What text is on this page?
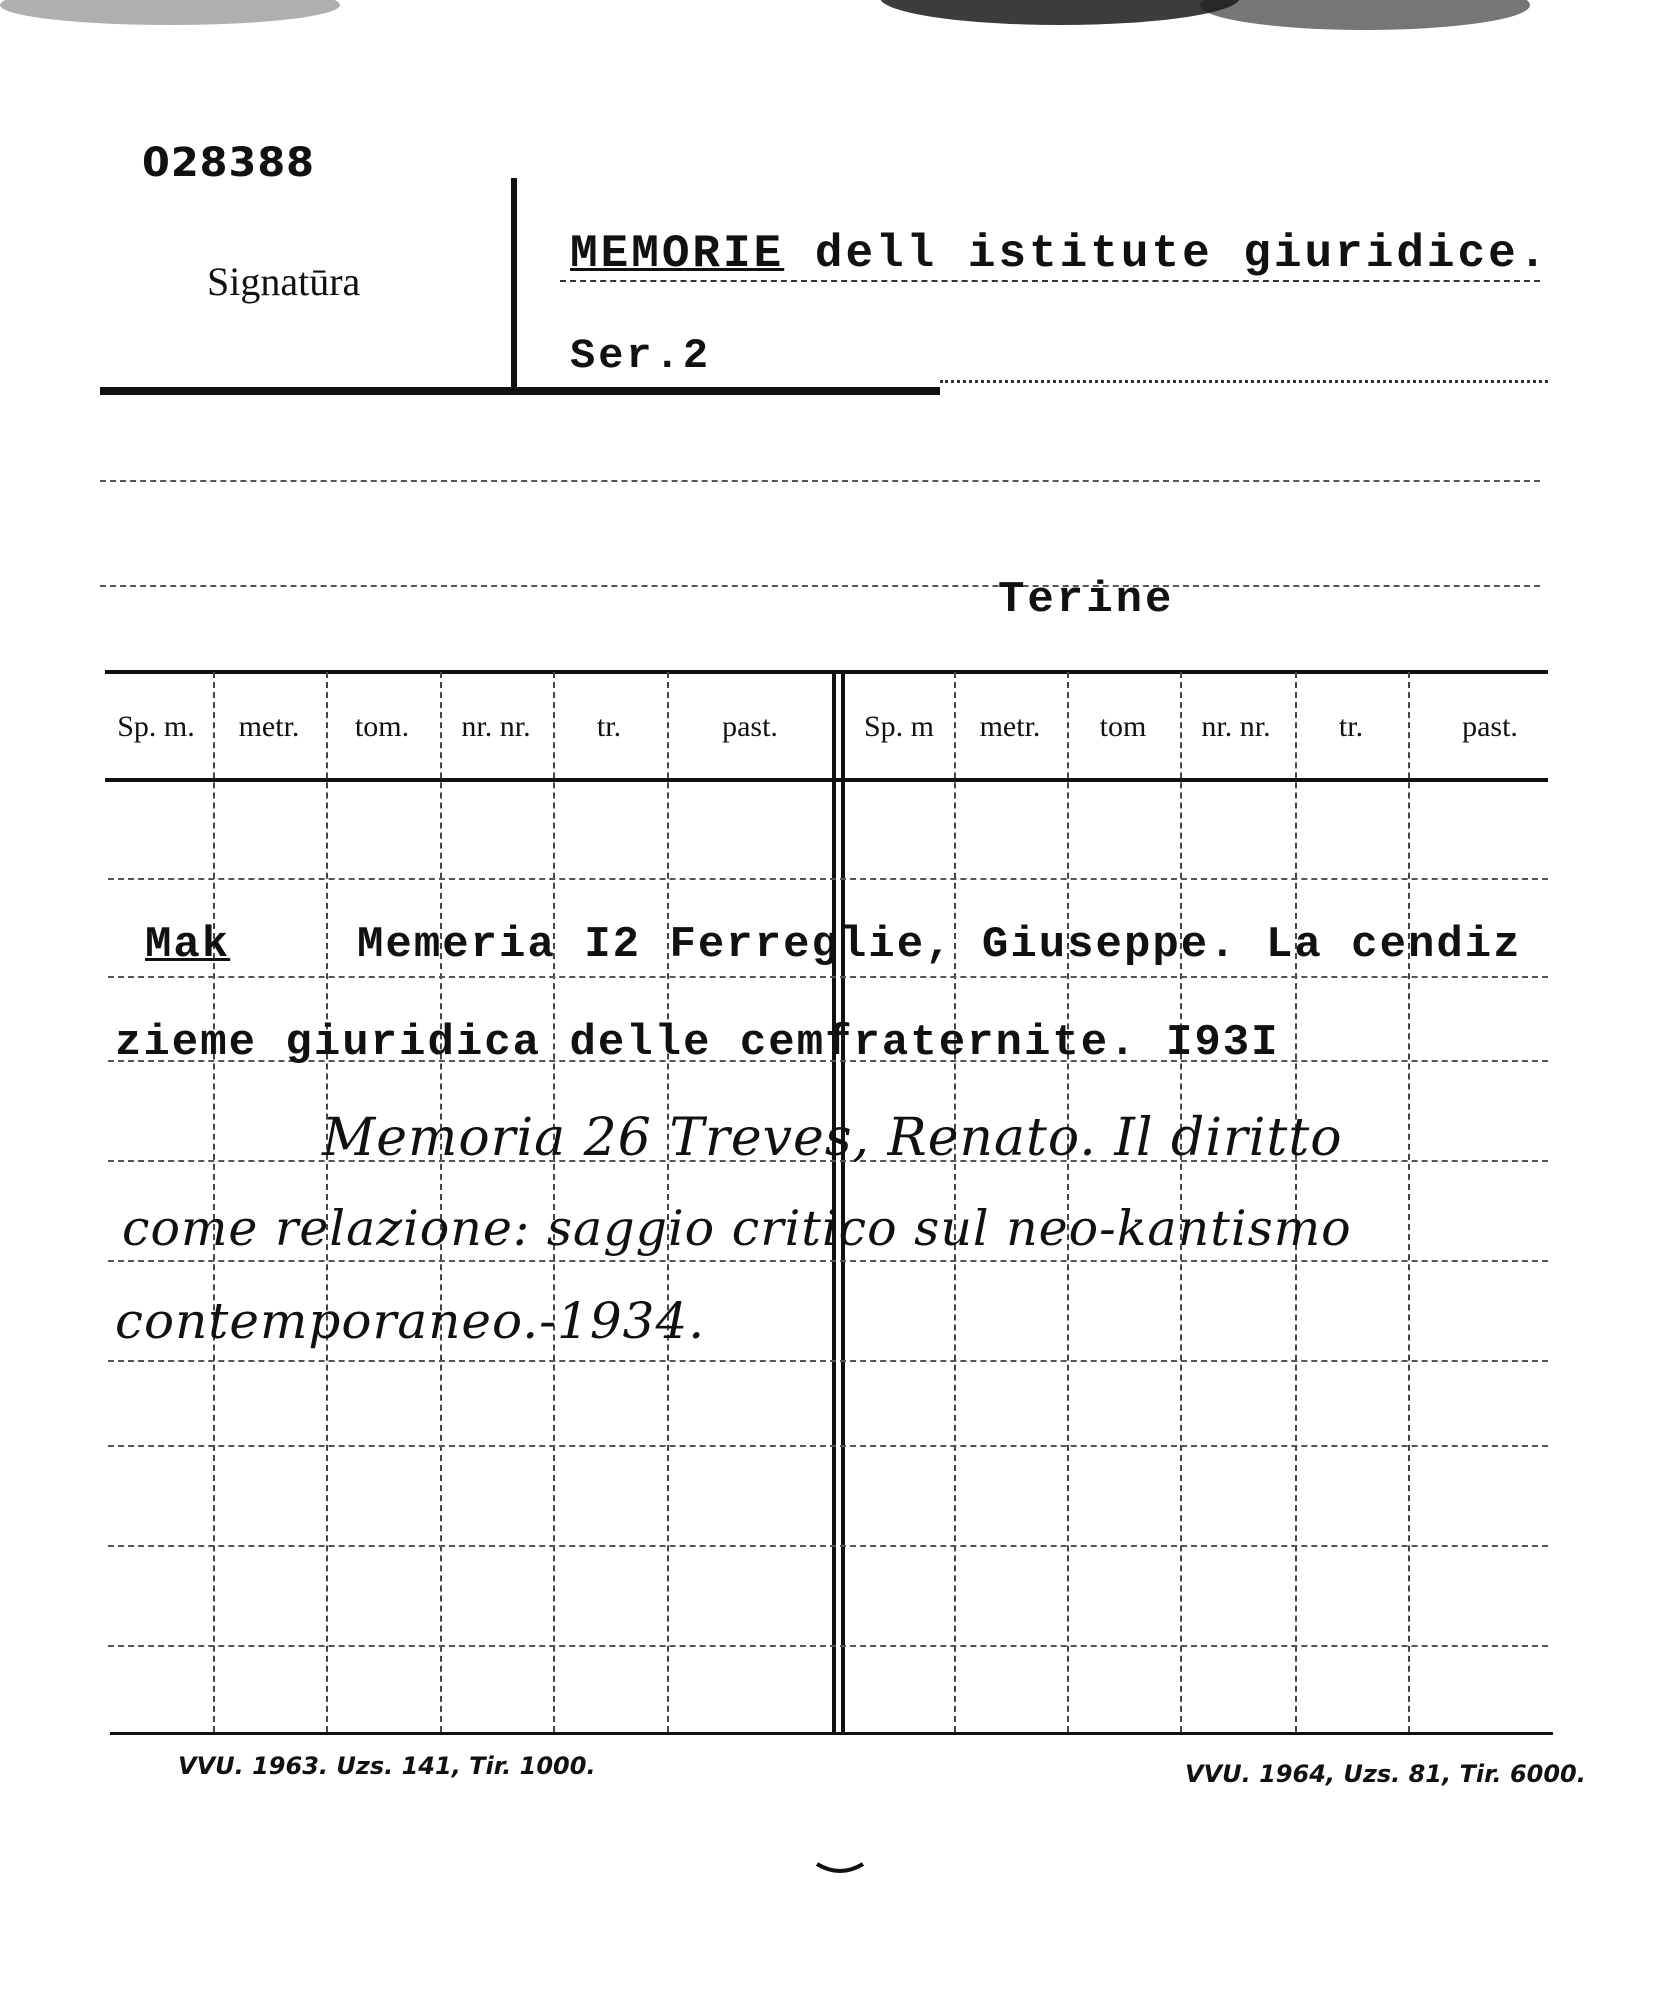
028388
Signatūra
MEMORIE dell istitute giuridice.
Ser.2
Terine
Sp. m.	metr.	tom.	nr. nr.	tr.	past.	Sp. m	metr.	tom	nr. nr.	tr.	past.
Mak	Memeria I2 Ferreglie, Giuseppe. La cendiz
zieme giuridica delle cemfraternite. I93I
Memoria 26 Treves, Renato. Il diritto
come relazione: saggio critico sul neo-kantismo
contemporaneo.-1934.
VVU. 1963. Uzs. 141, Tir. 1000.	VVU. 1964, Uzs. 81, Tir. 6000.
